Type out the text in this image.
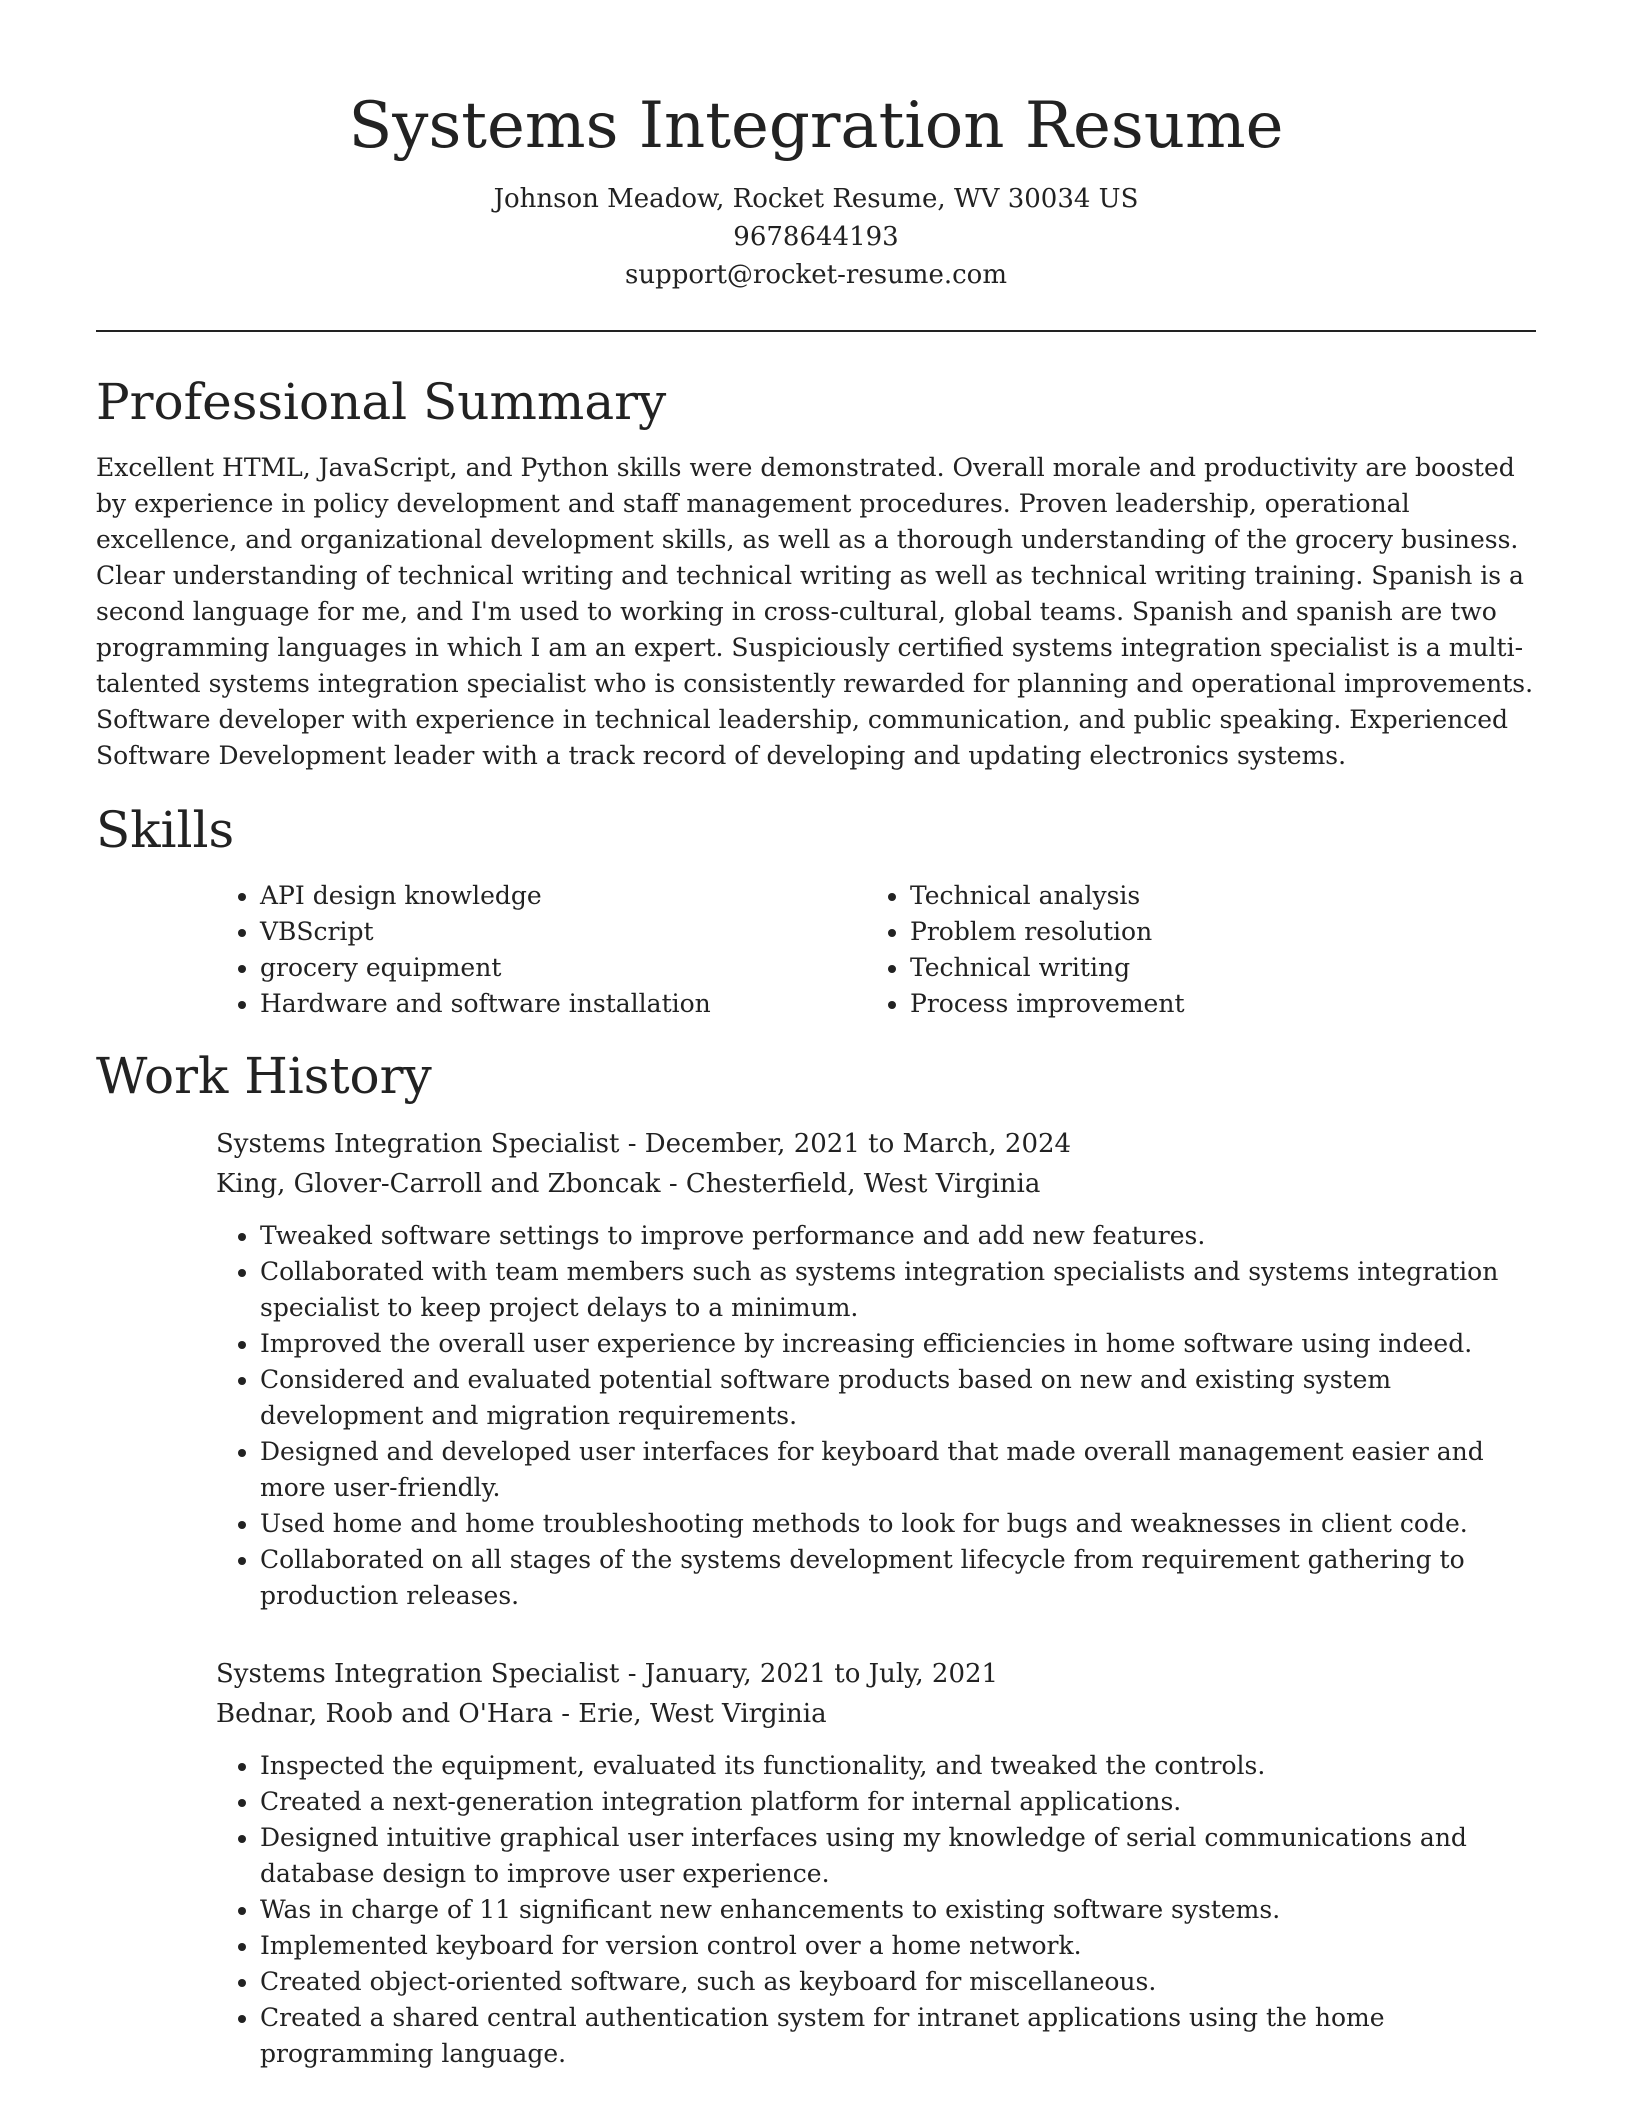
Systems Integration Resume

Johnson Meadow, Rocket Resume, WV 30034 US

9678644193

support@rocket-resume.com

Professional Summary

Excellent HTML, JavaScript, and Python skills were demonstrated. Overall morale and productivity are boosted by experience in policy development and staff management procedures. Proven leadership, operational excellence, and organizational development skills, as well as a thorough understanding of the grocery business. Clear understanding of technical writing and technical writing as well as technical writing training. Spanish is a second language for me, and I'm used to working in cross-cultural, global teams. Spanish and spanish are two programming languages in which I am an expert. Suspiciously certified systems integration specialist is a multi-talented systems integration specialist who is consistently rewarded for planning and operational improvements. Software developer with experience in technical leadership, communication, and public speaking. Experienced Software Development leader with a track record of developing and updating electronics systems.

Skills
• API design knowledge
• VBScript
• grocery equipment
• Hardware and software installation
• Technical analysis
• Problem resolution
• Technical writing
• Process improvement
Work History

Systems Integration Specialist - December, 2021 to March, 2024

King, Glover-Carroll and Zboncak - Chesterfield, West Virginia

• Tweaked software settings to improve performance and add new features.
• Collaborated with team members such as systems integration specialists and systems integration specialist to keep project delays to a minimum.
• Improved the overall user experience by increasing efficiencies in home software using indeed.
• Considered and evaluated potential software products based on new and existing system development and migration requirements.
• Designed and developed user interfaces for keyboard that made overall management easier and more user-friendly.
• Used home and home troubleshooting methods to look for bugs and weaknesses in client code.
• Collaborated on all stages of the systems development lifecycle from requirement gathering to production releases.

Systems Integration Specialist - January, 2021 to July, 2021

Bednar, Roob and O'Hara - Erie, West Virginia

• Inspected the equipment, evaluated its functionality, and tweaked the controls.
• Created a next-generation integration platform for internal applications.
• Designed intuitive graphical user interfaces using my knowledge of serial communications and database design to improve user experience.
• Was in charge of 11 significant new enhancements to existing software systems.
• Implemented keyboard for version control over a home network.
• Created object-oriented software, such as keyboard for miscellaneous.
• Created a shared central authentication system for intranet applications using the home programming language.
